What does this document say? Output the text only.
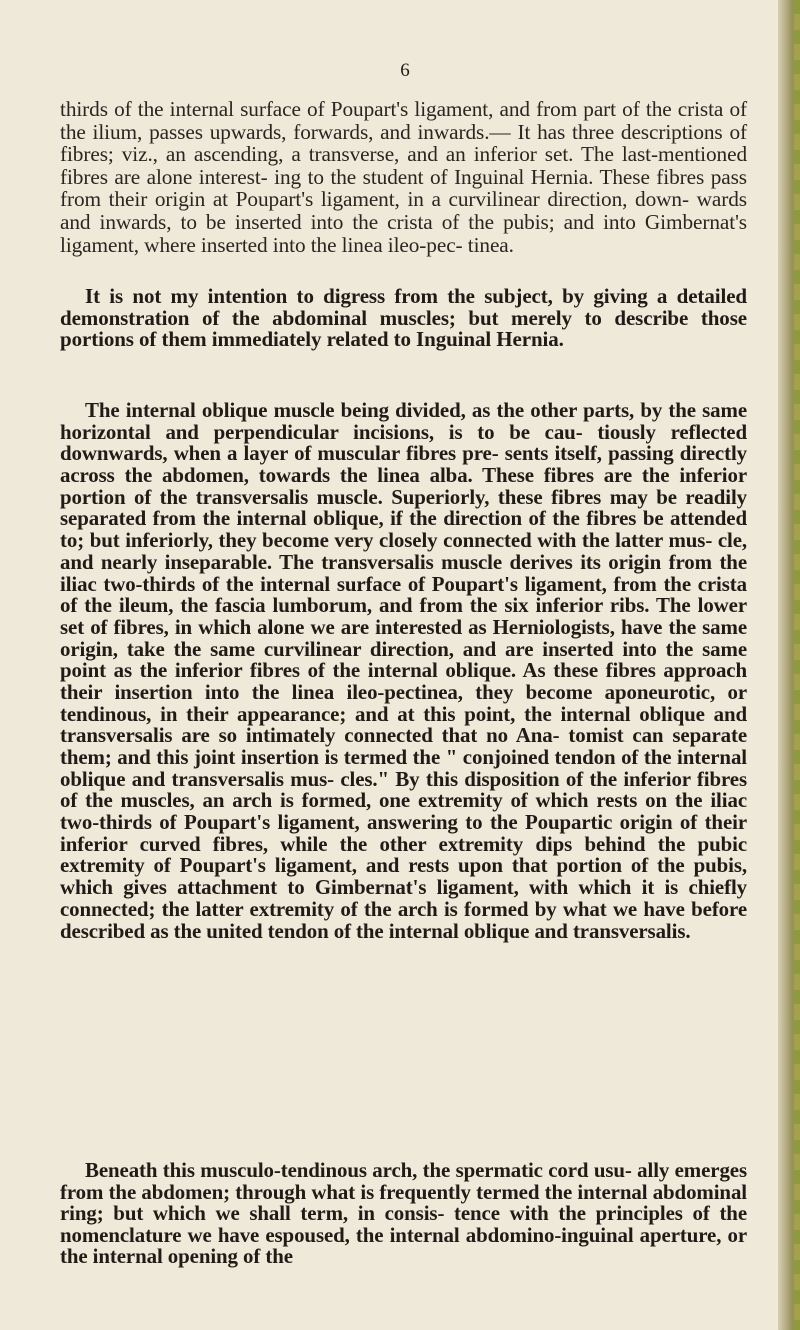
6
thirds of the internal surface of Poupart's ligament, and from part of the crista of the ilium, passes upwards, forwards, and inwards.— It has three descriptions of fibres; viz., an ascending, a transverse, and an inferior set. The last-mentioned fibres are alone interest- ing to the student of Inguinal Hernia. These fibres pass from their origin at Poupart's ligament, in a curvilinear direction, down- wards and inwards, to be inserted into the crista of the pubis; and into Gimbernat's ligament, where inserted into the linea ileo-pec- tinea.
It is not my intention to digress from the subject, by giving a detailed demonstration of the abdominal muscles; but merely to describe those portions of them immediately related to Inguinal Hernia.
The internal oblique muscle being divided, as the other parts, by the same horizontal and perpendicular incisions, is to be cau- tiously reflected downwards, when a layer of muscular fibres pre- sents itself, passing directly across the abdomen, towards the linea alba. These fibres are the inferior portion of the transversalis muscle. Superiorly, these fibres may be readily separated from the internal oblique, if the direction of the fibres be attended to; but inferiorly, they become very closely connected with the latter mus- cle, and nearly inseparable. The transversalis muscle derives its origin from the iliac two-thirds of the internal surface of Poupart's ligament, from the crista of the ileum, the fascia lumborum, and from the six inferior ribs. The lower set of fibres, in which alone we are interested as Herniologists, have the same origin, take the same curvilinear direction, and are inserted into the same point as the inferior fibres of the internal oblique. As these fibres approach their insertion into the linea ileo-pectinea, they become aponeurotic, or tendinous, in their appearance; and at this point, the internal oblique and transversalis are so intimately connected that no Ana- tomist can separate them; and this joint insertion is termed the " conjoined tendon of the internal oblique and transversalis mus- cles." By this disposition of the inferior fibres of the muscles, an arch is formed, one extremity of which rests on the iliac two-thirds of Poupart's ligament, answering to the Poupartic origin of their inferior curved fibres, while the other extremity dips behind the pubic extremity of Poupart's ligament, and rests upon that portion of the pubis, which gives attachment to Gimbernat's ligament, with which it is chiefly connected; the latter extremity of the arch is formed by what we have before described as the united tendon of the internal oblique and transversalis.
Beneath this musculo-tendinous arch, the spermatic cord usu- ally emerges from the abdomen; through what is frequently termed the internal abdominal ring; but which we shall term, in consis- tence with the principles of the nomenclature we have espoused, the internal abdomino-inguinal aperture, or the internal opening of the
